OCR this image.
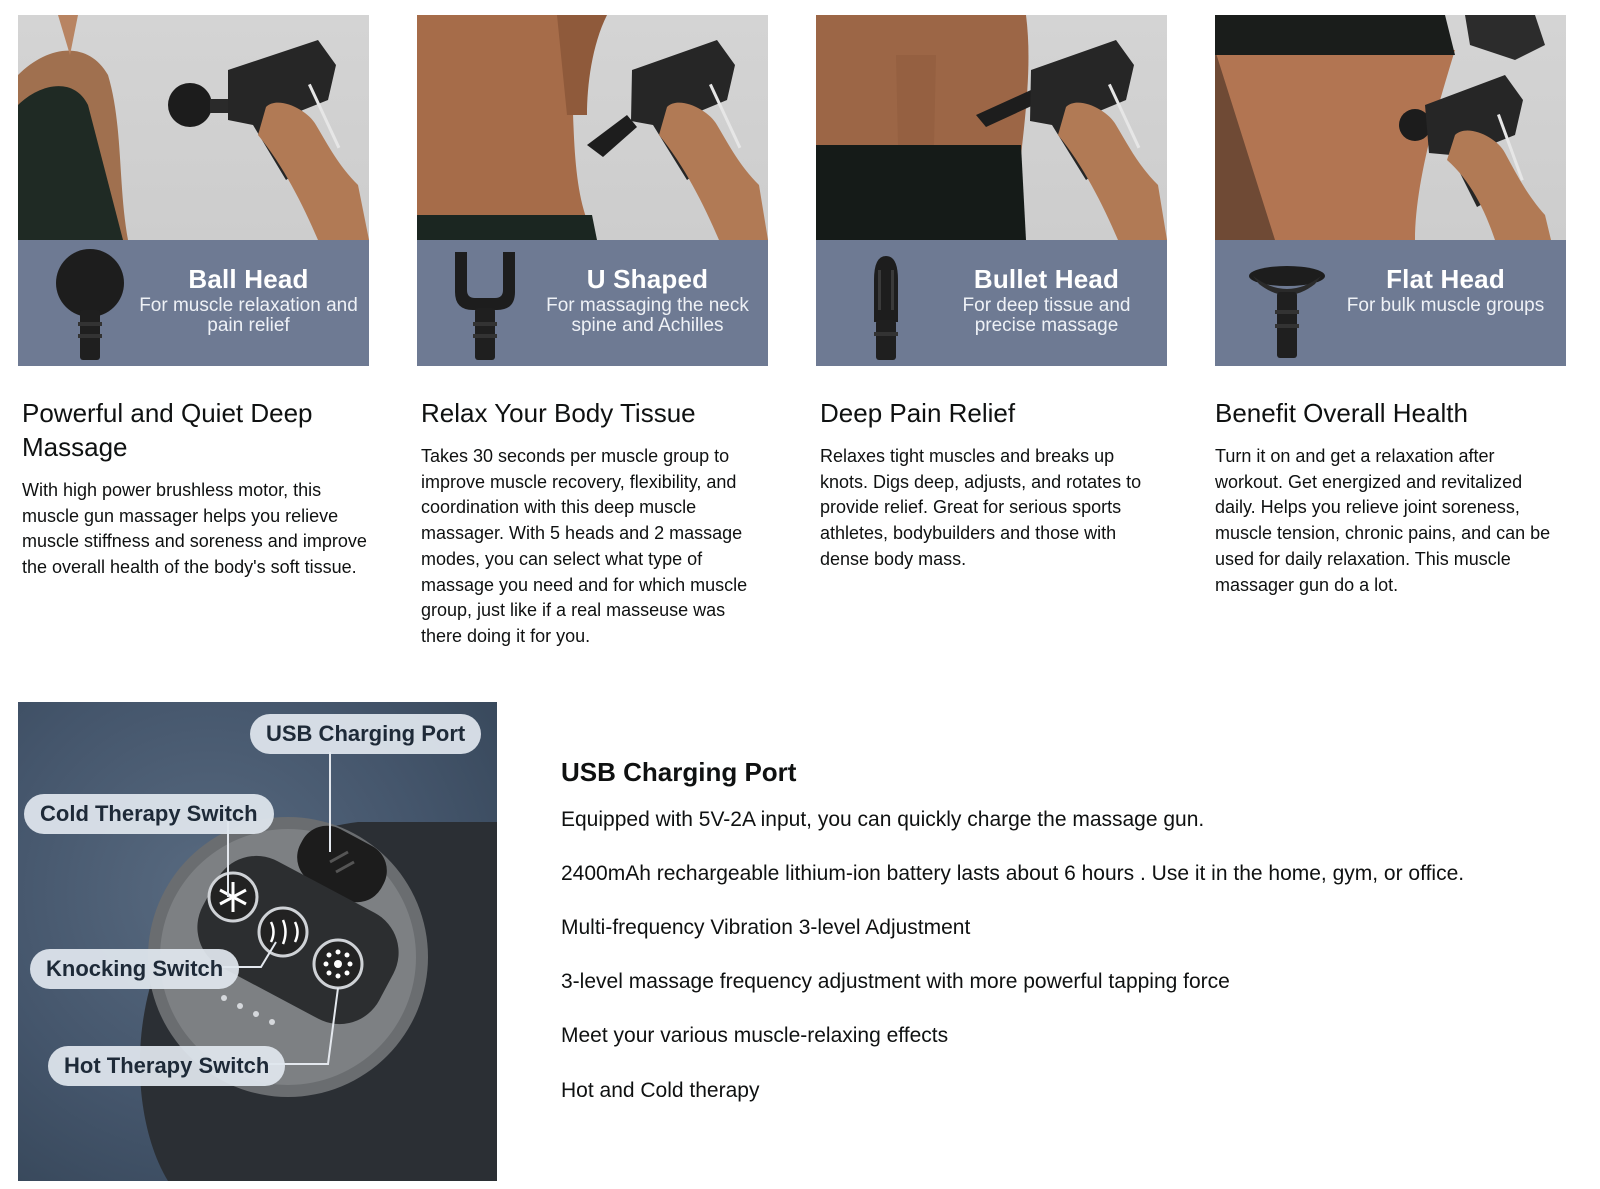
Ball Head
For muscle relaxation and pain relief
Powerful and Quiet Deep Massage

With high power brushless motor, this muscle gun massager helps you relieve muscle stiffness and soreness and improve the overall health of the body's soft tissue.

U Shaped
For massaging the neck spine and Achilles
Relax Your Body Tissue

Takes 30 seconds per muscle group to improve muscle recovery, flexibility, and coordination with this deep muscle massager. With 5 heads and 2 massage modes, you can select what type of massage you need and for which muscle group, just like if a real masseuse was there doing it for you.

Bullet Head
For deep tissue and precise massage
Deep Pain Relief

Relaxes tight muscles and breaks up knots. Digs deep, adjusts, and rotates to provide relief. Great for serious sports athletes, bodybuilders and those with dense body mass.

Flat Head
For bulk muscle groups
Benefit Overall Health

Turn it on and get a relaxation after workout. Get energized and revitalized daily. Helps you relieve joint soreness, muscle tension, chronic pains, and can be used for daily relaxation. This muscle massager gun do a lot.

USB Charging Port
Cold Therapy Switch
Knocking Switch
Hot Therapy Switch
USB Charging Port

Equipped with 5V-2A input, you can quickly charge the massage gun.

2400mAh rechargeable lithium-ion battery lasts about 6 hours . Use it in the home, gym, or office.

Multi-frequency Vibration 3-level Adjustment

3-level massage frequency adjustment with more powerful tapping force

Meet your various muscle-relaxing effects

Hot and Cold therapy
